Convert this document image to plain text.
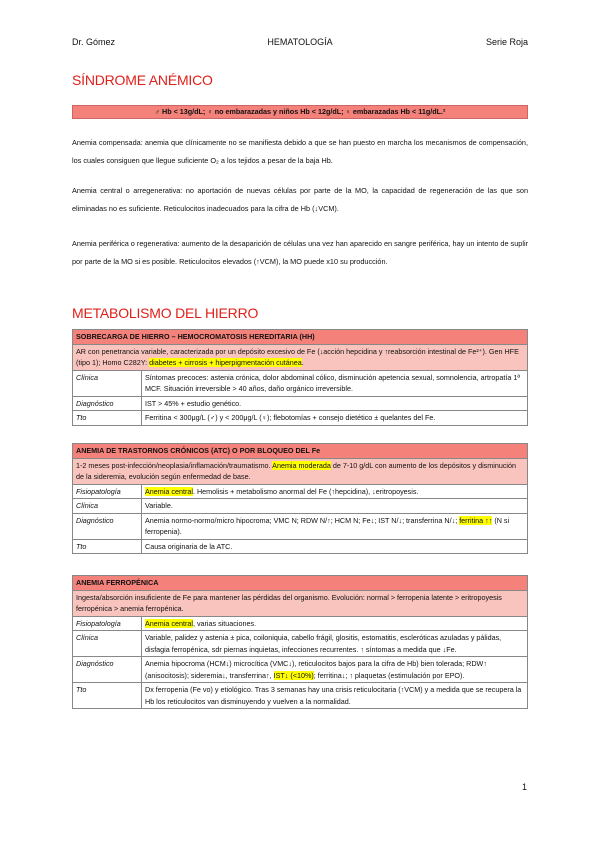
Dr. Gómez	HEMATOLOGÍA	Serie Roja
SÍNDROME ANÉMICO
♂ Hb < 13g/dL; ♀ no embarazadas y niños Hb < 12g/dL; ♀ embarazadas Hb < 11g/dL.²
Anemia compensada: anemia que clínicamente no se manifiesta debido a que se han puesto en marcha los mecanismos de compensación, los cuales consiguen que llegue suficiente O₂ a los tejidos a pesar de la baja Hb.
Anemia central o arregenerativa: no aportación de nuevas células por parte de la MO, la capacidad de regeneración de las que son eliminadas no es suficiente. Reticulocitos inadecuados para la cifra de Hb (↓VCM).
Anemia periférica o regenerativa: aumento de la desaparición de células una vez han aparecido en sangre periférica, hay un intento de suplir por parte de la MO si es posible. Reticulocitos elevados (↑VCM), la MO puede x10 su producción.
METABOLISMO DEL HIERRO
SOBRECARGA DE HIERRO – HEMOCROMATOSIS HEREDITARIA (HH)	
AR con penetrancia variable, caracterizada por un depósito excesivo de Fe (↓acción hepcidina y ↑reabsorción intestinal de Fe²⁺). Gen HFE (tipo 1); Homo C282Y: diabetes + cirrosis + hiperpigmentación cutánea.	
Clínica	Síntomas precoces: astenia crónica, dolor abdominal cólico, disminución apetencia sexual, somnolencia, artropatía 1ª MCF. Situación irreversible > 40 años, daño orgánico irreversible.
Diagnóstico	IST > 45% + estudio genético.
Tto	Ferritina < 300μg/L (♂) y < 200μg/L (♀); flebotomías + consejo dietético ± quelantes del Fe.
ANEMIA DE TRASTORNOS CRÓNICOS (ATC) O POR BLOQUEO DEL Fe	
1-2 meses post-infección/neoplasia/inflamación/traumatismo. Anemia moderada de 7-10 g/dL con aumento de los depósitos y disminución de la sideremia, evolución según enfermedad de base.	
Fisiopatología	Anemia central. Hemolisis + metabolismo anormal del Fe (↑hepcidina), ↓eritropoyesis.
Clínica	Variable.
Diagnóstico	Anemia normo-normo/micro hipocroma; VMC N; RDW N/↑; HCM N; Fe↓; IST N/↓; transferrina N/↓; ferritina ↑↑ (N si ferropenia).
Tto	Causa originaria de la ATC.
ANEMIA FERROPÉNICA	
Ingesta/absorción insuficiente de Fe para mantener las pérdidas del organismo. Evolución: normal > ferropenia latente > eritropoyesis ferropénica > anemia ferropénica.	
Fisiopatología	Anemia central, varias situaciones.
Clínica	Variable, palidez y astenia ± pica, coiloniquia, cabello frágil, glositis, estomatitis, escleróticas azuladas y pálidas, disfagia ferropénica, sdr piernas inquietas, infecciones recurrentes. ↑ síntomas a medida que ↓Fe.
Diagnóstico	Anemia hipocroma (HCM↓) microcítica (VMC↓), reticulocitos bajos para la cifra de Hb) bien tolerada; RDW↑ (anisocitosis); sideremia↓, transferrina↑, IST↓ (<10%); ferritina↓; ↑ plaquetas (estimulación por EPO).
Tto	Dx ferropenia (Fe vo) y etiológico. Tras 3 semanas hay una crisis reticulocitaria (↑VCM) y a medida que se recupera la Hb los reticulocitos van disminuyendo y vuelven a la normalidad.
1
